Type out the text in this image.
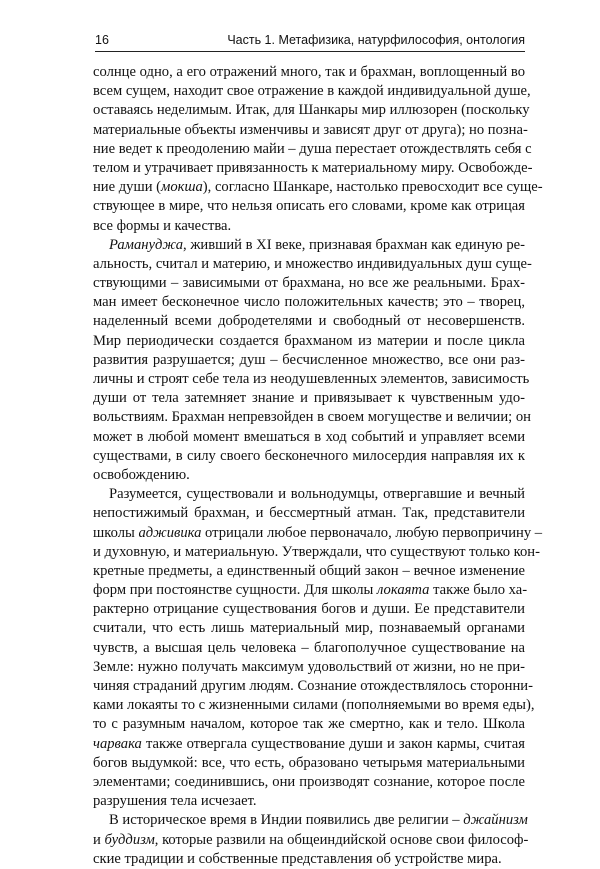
16	Часть 1. Метафизика, натурфилософия, онтология
солнце одно, а его отражений много, так и брахман, воплощенный во
всем сущем, находит свое отражение в каждой индивидуальной душе,
оставаясь неделимым. Итак, для Шанкары мир иллюзорен (поскольку
материальные объекты изменчивы и зависят друг от друга); но позна-
ние ведет к преодолению майи – душа перестает отождествлять себя с
телом и утрачивает привязанность к материальному миру. Освобожде-
ние души (мокша), согласно Шанкаре, настолько превосходит все суще-
ствующее в мире, что нельзя описать его словами, кроме как отрицая
все формы и качества.
Рамануджа, живший в XI веке, признавая брахман как единую ре-
альность, считал и материю, и множество индивидуальных душ суще-
ствующими – зависимыми от брахмана, но все же реальными. Брах-
ман имеет бесконечное число положительных качеств; это – творец,
наделенный всеми добродетелями и свободный от несовершенств.
Мир периодически создается брахманом из материи и после цикла
развития разрушается; душ – бесчисленное множество, все они раз-
личны и строят себе тела из неодушевленных элементов, зависимость
души от тела затемняет знание и привязывает к чувственным удо-
вольствиям. Брахман непревзойден в своем могуществе и величии; он
может в любой момент вмешаться в ход событий и управляет всеми
существами, в силу своего бесконечного милосердия направляя их к
освобождению.
Разумеется, существовали и вольнодумцы, отвергавшие и вечный
непостижимый брахман, и бессмертный атман. Так, представители
школы адживика отрицали любое первоначало, любую первопричину –
и духовную, и материальную. Утверждали, что существуют только кон-
кретные предметы, а единственный общий закон – вечное изменение
форм при постоянстве сущности. Для школы локаята также было ха-
рактерно отрицание существования богов и души. Ее представители
считали, что есть лишь материальный мир, познаваемый органами
чувств, а высшая цель человека – благополучное существование на
Земле: нужно получать максимум удовольствий от жизни, но не при-
чиняя страданий другим людям. Сознание отождествлялось сторонни-
ками локаяты то с жизненными силами (пополняемыми во время еды),
то с разумным началом, которое так же смертно, как и тело. Школа
чарвака также отвергала существование души и закон кармы, считая
богов выдумкой: все, что есть, образовано четырьмя материальными
элементами; соединившись, они производят сознание, которое после
разрушения тела исчезает.
В историческое время в Индии появились две религии – джайнизм
и буддизм, которые развили на общеиндийской основе свои философ-
ские традиции и собственные представления об устройстве мира.
